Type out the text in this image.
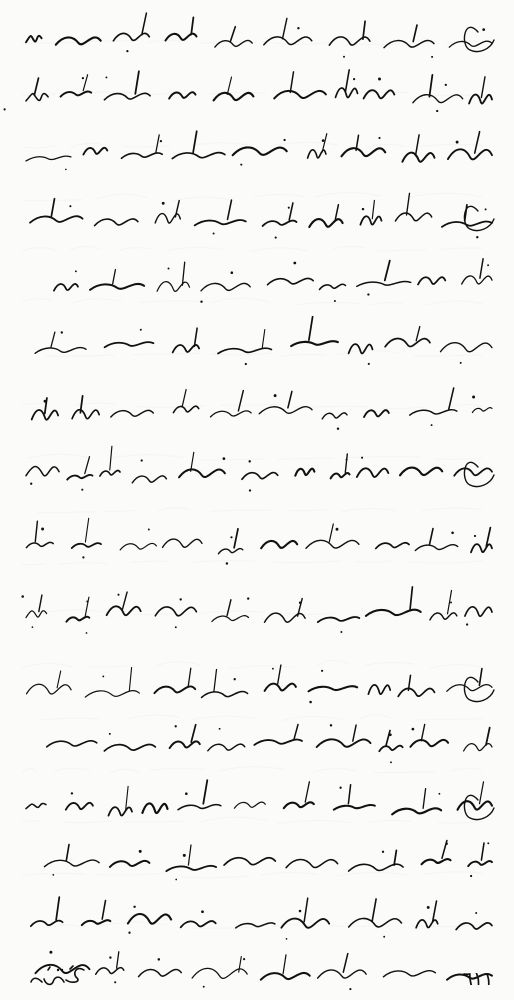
٦١١
